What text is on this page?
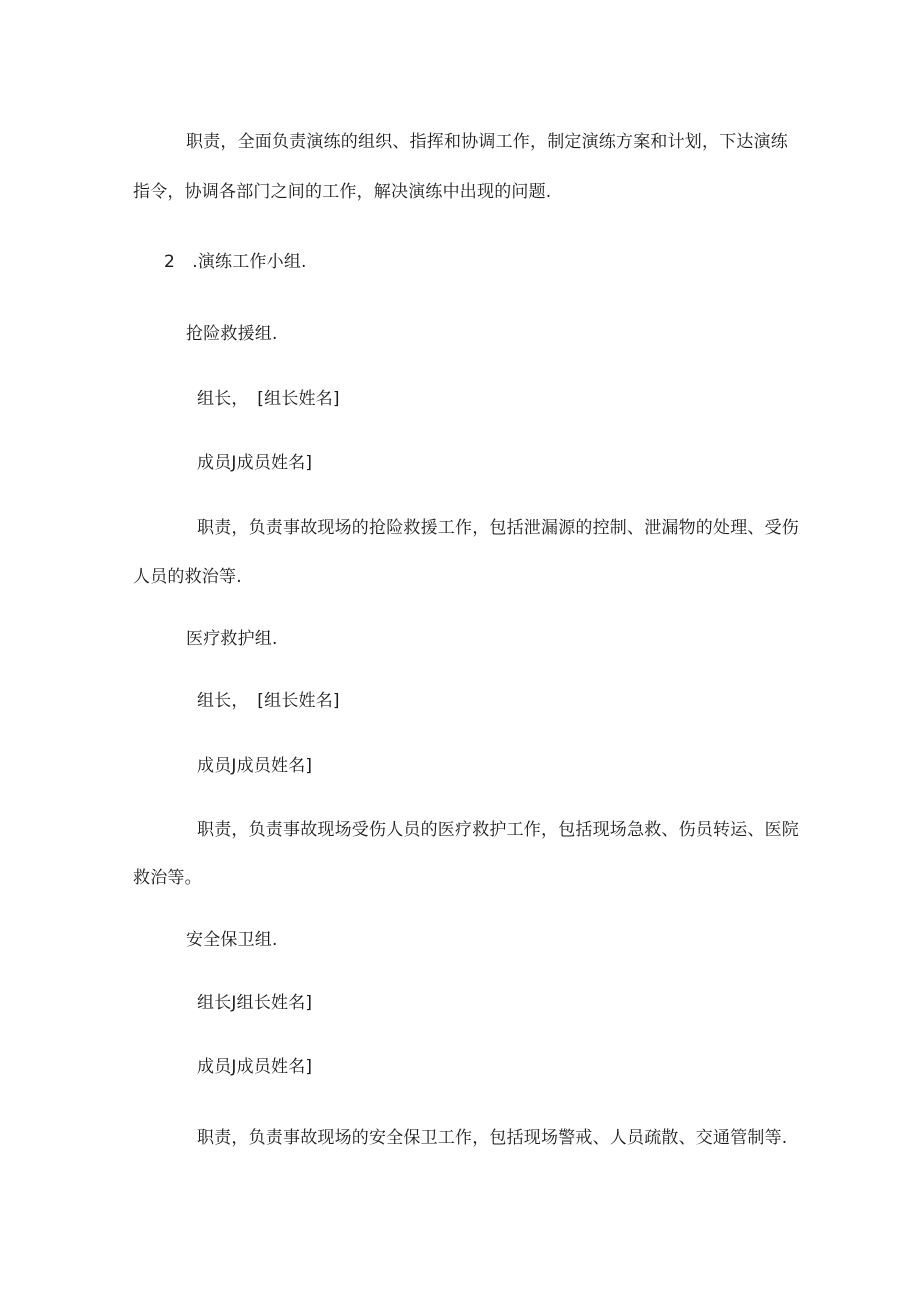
职责，全面负责演练的组织、指挥和协调工作，制定演练方案和计划，下达演练
指令，协调各部门之间的工作，解决演练中出现的问题.
2　.演练工作小组.
抢险救援组.
组长，　[组长姓名]
成员J成员姓名]
职责，负责事故现场的抢险救援工作，包括泄漏源的控制、泄漏物的处理、受伤
人员的救治等.
医疗救护组.
组长，　[组长姓名]
成员J成员姓名]
职责，负责事故现场受伤人员的医疗救护工作，包括现场急救、伤员转运、医院
救治等。
安全保卫组.
组长J组长姓名]
成员J成员姓名]
职责，负责事故现场的安全保卫工作，包括现场警戒、人员疏散、交通管制等.
